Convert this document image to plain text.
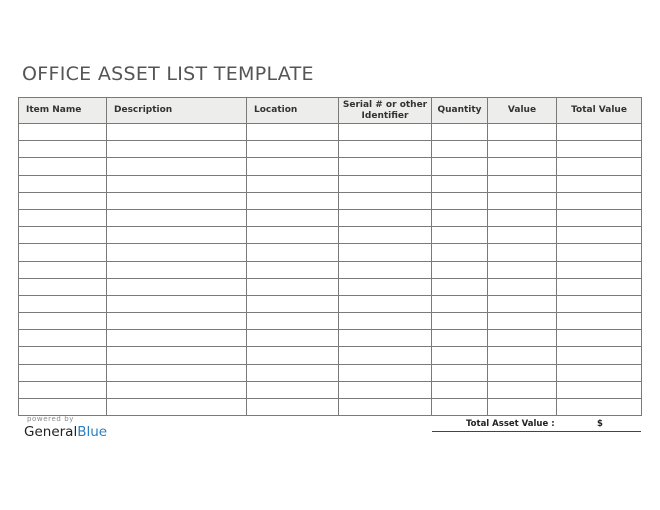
OFFICE ASSET LIST TEMPLATE
Item Name	Description	Location	Serial # or other Identifier	Quantity	Value	Total Value

powered by
GeneralBlue	Total Asset Value :	$
